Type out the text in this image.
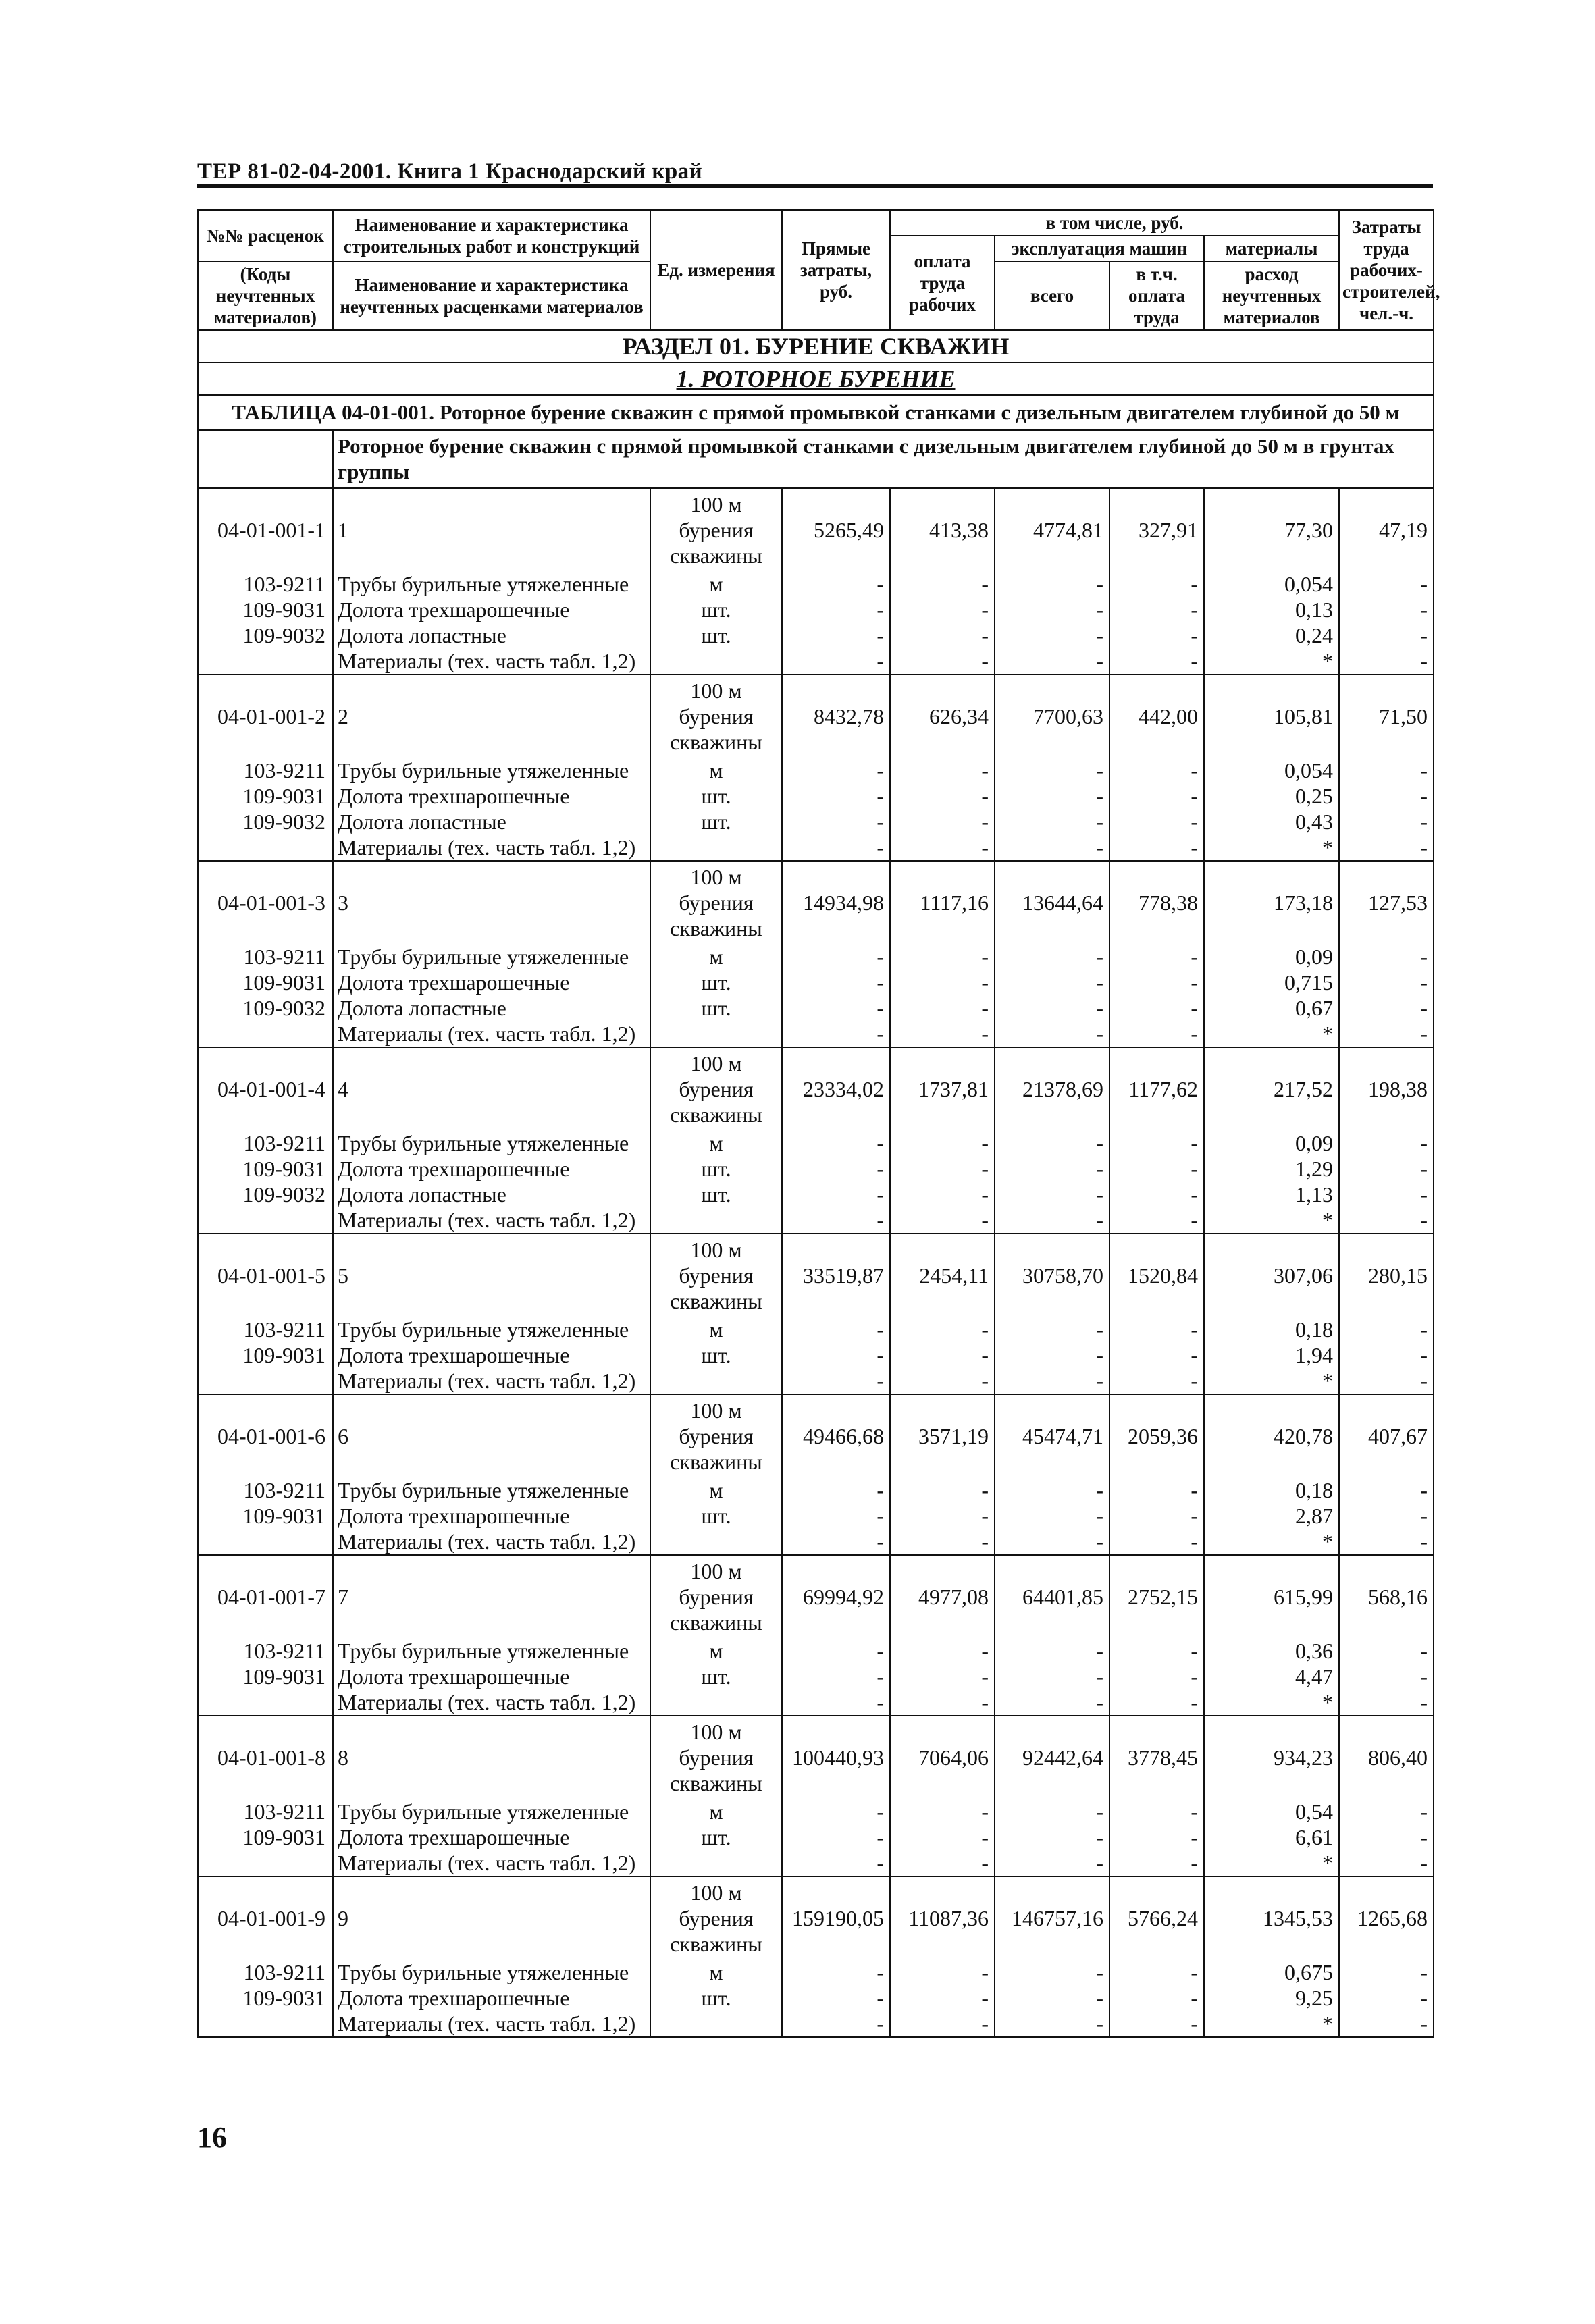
ТЕР 81-02-04-2001. Книга 1 Краснодарский край
№№ расценок	Наименование и характеристика строительных работ и конструкций	Ед. измерения	Прямые затраты, руб.	в том числе, руб.				Затраты труда рабочих-строителей, чел.-ч.
				оплата труда рабочих	эксплуатация машин		материалы	
(Коды неучтенных материалов)	Наименование и характеристика неучтенных расценками материалов				всего	в т.ч. оплата труда	расход неучтенных материалов	

РАЗДЕЛ 01. БУРЕНИЕ СКВАЖИН								
1. РОТОРНОЕ БУРЕНИЕ								
ТАБЛИЦА 04-01-001. Роторное бурение скважин с прямой промывкой станками с дизельным двигателем глубиной до 50 м								
	Роторное бурение скважин с прямой промывкой станками с дизельным двигателем глубиной до 50 м в грунтах группы							
04-01-001-1	1	100 м бурения скважины	5265,49	413,38	4774,81	327,91	77,30	47,19
103-9211	Трубы бурильные утяжеленные	м	-	-	-	-	0,054	-
109-9031	Долота трехшарошечные	шт.	-	-	-	-	0,13	-
109-9032	Долота лопастные	шт.	-	-	-	-	0,24	-
	Материалы (тех. часть табл. 1,2)		-	-	-	-	*	-
04-01-001-2	2	100 м бурения скважины	8432,78	626,34	7700,63	442,00	105,81	71,50
103-9211	Трубы бурильные утяжеленные	м	-	-	-	-	0,054	-
109-9031	Долота трехшарошечные	шт.	-	-	-	-	0,25	-
109-9032	Долота лопастные	шт.	-	-	-	-	0,43	-
	Материалы (тех. часть табл. 1,2)		-	-	-	-	*	-
04-01-001-3	3	100 м бурения скважины	14934,98	1117,16	13644,64	778,38	173,18	127,53
103-9211	Трубы бурильные утяжеленные	м	-	-	-	-	0,09	-
109-9031	Долота трехшарошечные	шт.	-	-	-	-	0,715	-
109-9032	Долота лопастные	шт.	-	-	-	-	0,67	-
	Материалы (тех. часть табл. 1,2)		-	-	-	-	*	-
04-01-001-4	4	100 м бурения скважины	23334,02	1737,81	21378,69	1177,62	217,52	198,38
103-9211	Трубы бурильные утяжеленные	м	-	-	-	-	0,09	-
109-9031	Долота трехшарошечные	шт.	-	-	-	-	1,29	-
109-9032	Долота лопастные	шт.	-	-	-	-	1,13	-
	Материалы (тех. часть табл. 1,2)		-	-	-	-	*	-
04-01-001-5	5	100 м бурения скважины	33519,87	2454,11	30758,70	1520,84	307,06	280,15
103-9211	Трубы бурильные утяжеленные	м	-	-	-	-	0,18	-
109-9031	Долота трехшарошечные	шт.	-	-	-	-	1,94	-
	Материалы (тех. часть табл. 1,2)		-	-	-	-	*	-
04-01-001-6	6	100 м бурения скважины	49466,68	3571,19	45474,71	2059,36	420,78	407,67
103-9211	Трубы бурильные утяжеленные	м	-	-	-	-	0,18	-
109-9031	Долота трехшарошечные	шт.	-	-	-	-	2,87	-
	Материалы (тех. часть табл. 1,2)		-	-	-	-	*	-
04-01-001-7	7	100 м бурения скважины	69994,92	4977,08	64401,85	2752,15	615,99	568,16
103-9211	Трубы бурильные утяжеленные	м	-	-	-	-	0,36	-
109-9031	Долота трехшарошечные	шт.	-	-	-	-	4,47	-
	Материалы (тех. часть табл. 1,2)		-	-	-	-	*	-
04-01-001-8	8	100 м бурения скважины	100440,93	7064,06	92442,64	3778,45	934,23	806,40
103-9211	Трубы бурильные утяжеленные	м	-	-	-	-	0,54	-
109-9031	Долота трехшарошечные	шт.	-	-	-	-	6,61	-
	Материалы (тех. часть табл. 1,2)		-	-	-	-	*	-
04-01-001-9	9	100 м бурения скважины	159190,05	11087,36	146757,16	5766,24	1345,53	1265,68
103-9211	Трубы бурильные утяжеленные	м	-	-	-	-	0,675	-
109-9031	Долота трехшарошечные	шт.	-	-	-	-	9,25	-
	Материалы (тех. часть табл. 1,2)		-	-	-	-	*	-
16
